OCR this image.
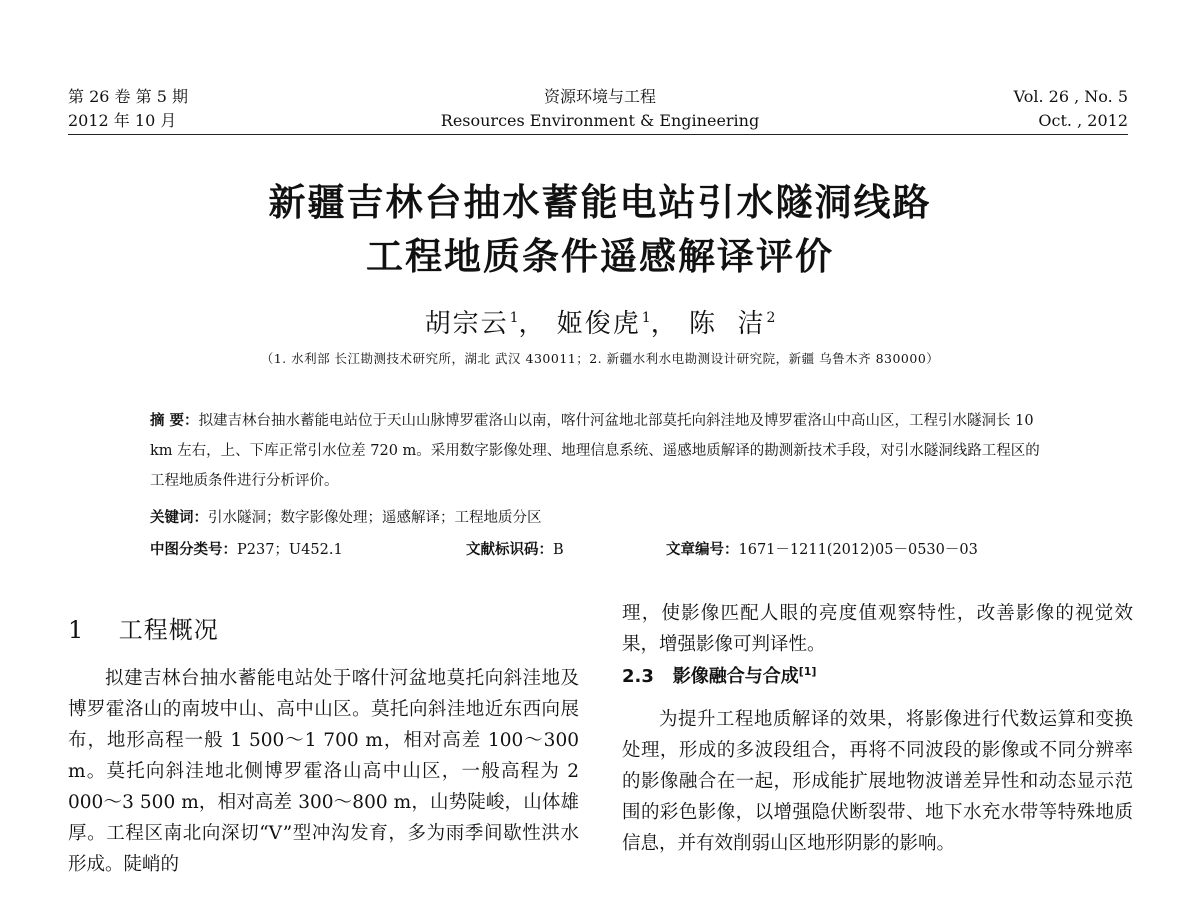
第 26 卷 第 5 期
2012 年 10 月
资源环境与工程
Resources Environment & Engineering
Vol. 26 , No. 5
Oct. , 2012
新疆吉林台抽水蓄能电站引水隧洞线路
工程地质条件遥感解译评价
胡宗云$^1$， 姬俊虎$^1$， 陈  洁$^2$
（1. 水利部 长江勘测技术研究所，湖北 武汉 430011；2. 新疆水利水电勘测设计研究院，新疆 乌鲁木齐 830000）
摘 要：拟建吉林台抽水蓄能电站位于天山山脉博罗霍洛山以南，喀什河盆地北部莫托向斜洼地及博罗霍洛山中高山区，工程引水隧洞长 10 km 左右，上、下库正常引水位差 720 m。采用数字影像处理、地理信息系统、遥感地质解译的勘测新技术手段，对引水隧洞线路工程区的工程地质条件进行分析评价。
关键词：引水隧洞；数字影像处理；遥感解译；工程地质分区
中图分类号：P237；U452.1	文献标识码：B	文章编号：1671－1211(2012)05－0530－03
1 工程概况

拟建吉林台抽水蓄能电站处于喀什河盆地莫托向斜洼地及博罗霍洛山的南坡中山、高中山区。莫托向斜洼地近东西向展布，地形高程一般 1 500～1 700 m，相对高差 100～300 m。莫托向斜洼地北侧博罗霍洛山高中山区，一般高程为 2 000～3 500 m，相对高差 300～800 m，山势陡峻，山体雄厚。工程区南北向深切“V”型冲沟发育，多为雨季间歇性洪水形成。陡峭的

理，使影像匹配人眼的亮度值观察特性，改善影像的视觉效果，增强影像可判译性。

2.3 影像融合与合成[1]

为提升工程地质解译的效果，将影像进行代数运算和变换处理，形成的多波段组合，再将不同波段的影像或不同分辨率的影像融合在一起，形成能扩展地物波谱差异性和动态显示范围的彩色影像，以增强隐伏断裂带、地下水充水带等特殊地质信息，并有效削弱山区地形阴影的影响。
